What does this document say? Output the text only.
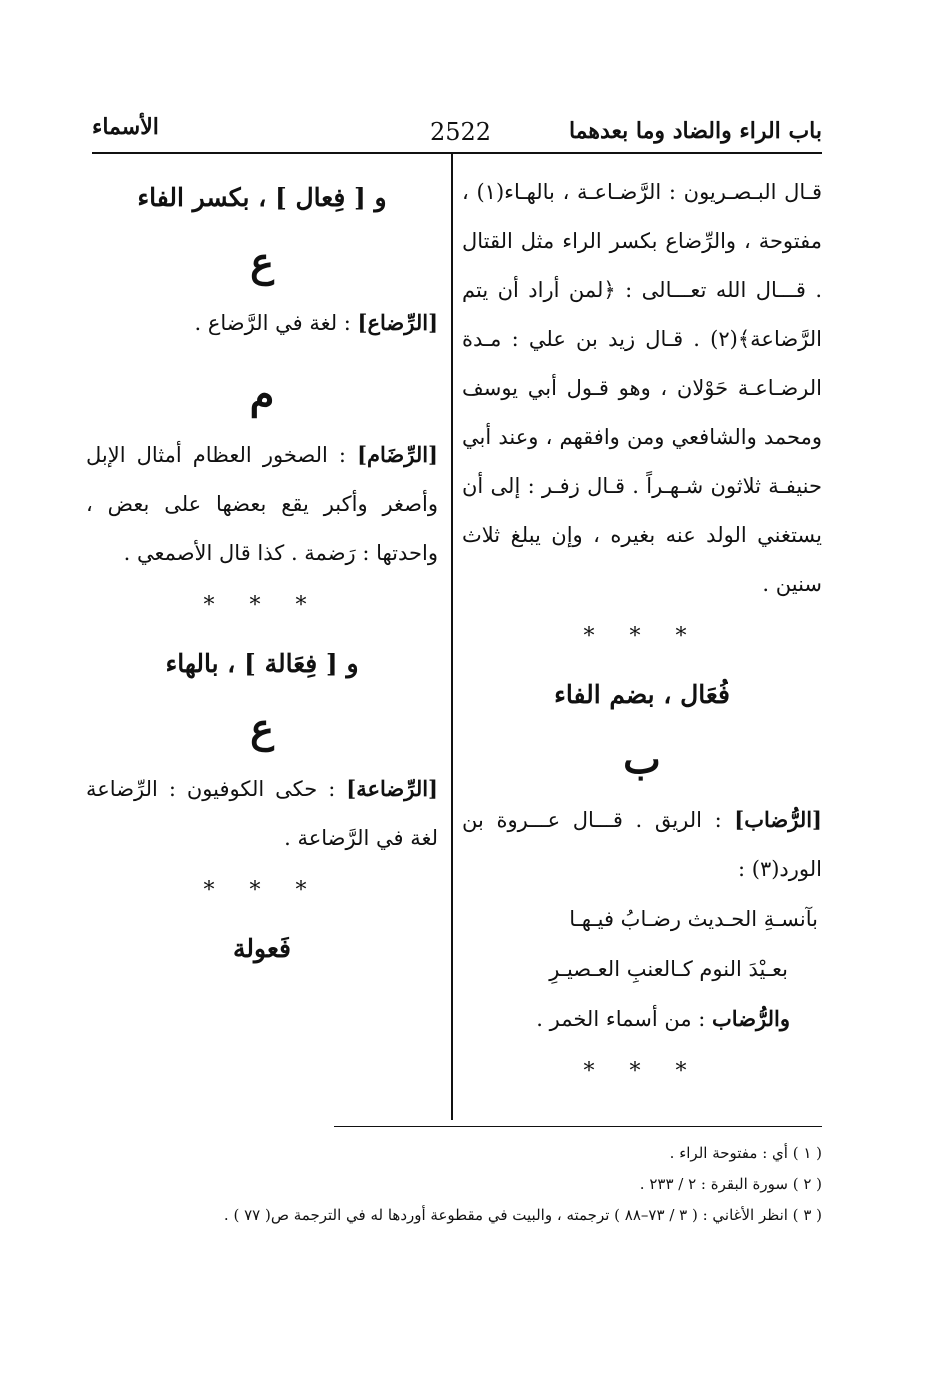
باب الراء والضاد وما بعدهما
2522
الأسماء

قـال البـصـريون : الرَّضـاعـة ، بالهـاء(١) ، مفتوحة ، والرِّضاع بكسر الراء مثل القتال . قـــال الله تعـــالى : ﴿لمن أراد أن يتم الرَّضاعة﴾(٢) . قـال زيد بن علي : مـدة الرضـاعـة حَوْلان ، وهو قـول أبي يوسف ومحمد والشافعي ومن وافقهم ، وعند أبي حنيفـة ثلاثون شـهـراً . قـال زفـر : إلى أن يستغني الولد عنه بغيره ، وإن يبلغ ثلاث سنين .

* * *

فُعَال ، بضم الفاء

ب

[الرُّضاب] : الريق . قـــال عـــروة بن الورد(٣) :

بآنسـةِ الحـديث رضـابُ فيـهـا

بعـيْدَ النوم كـالعنبِ العـصيـرِ

والرُّضاب : من أسماء الخمر .

* * *

و [ فِعال ] ، بكسر الفاء

ع

[الرِّضاع] : لغة في الرَّضاع .

م

[الرِّضَام] : الصخور العظام أمثال الإبل وأصغر وأكبر يقع بعضها على بعض ، واحدتها : رَضمة . كذا قال الأصمعي .

* * *

و [ فِعَالة ] ، بالهاء

ع

[الرِّضاعة] : حكى الكوفيون : الرِّضاعة لغة في الرَّضاعة .

* * *

فَعولة

( ١ ) أي : مفتوحة الراء .

( ٢ ) سورة البقرة : ٢ / ٢٣٣ .

( ٣ ) انظر الأغاني : ( ٣ / ٧٣–٨٨ ) ترجمته ، والبيت في مقطوعة أوردها له في الترجمة ص( ٧٧ ) .
